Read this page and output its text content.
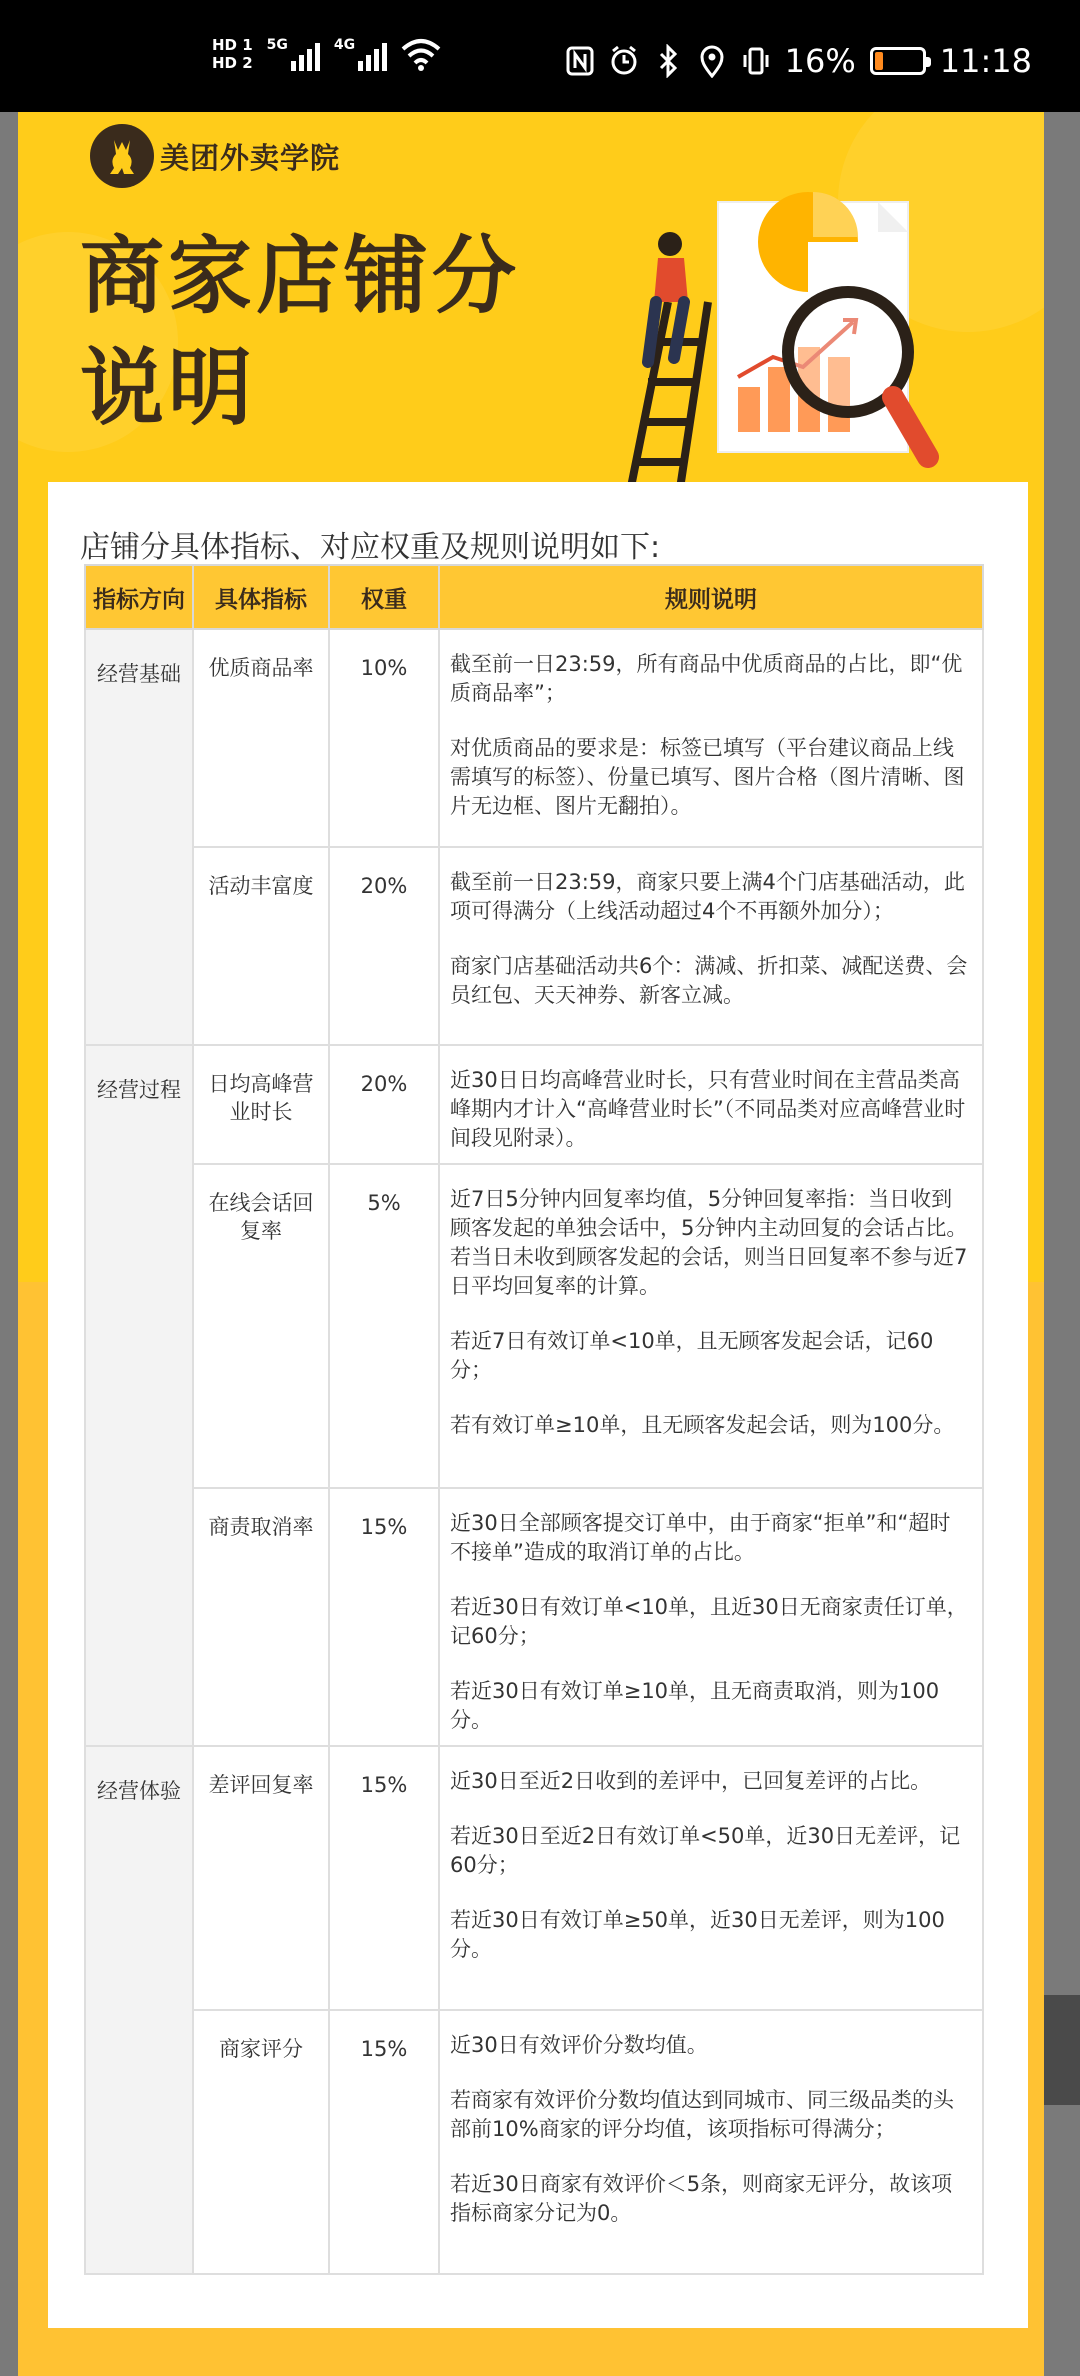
HD 1
HD 2
5G	4G	16%	11:18
美团外卖学院
商家店铺分说明
店铺分具体指标、对应权重及规则说明如下:
指标方向	具体指标	权重	规则说明
经营基础	优质商品率	10%	截至前一日23:59，所有商品中优质商品的占比，即“优质商品率”；

对优质商品的要求是：标签已填写（平台建议商品上线需填写的标签）、份量已填写、图片合格（图片清晰、图片无边框、图片无翻拍）。

	活动丰富度	20%	截至前一日23:59，商家只要上满4个门店基础活动，此项可得满分（上线活动超过4个不再额外加分）；

商家门店基础活动共6个：满减、折扣菜、减配送费、会员红包、天天神券、新客立减。

经营过程	日均高峰营业时长	20%	近30日日均高峰营业时长，只有营业时间在主营品类高峰期内才计入“高峰营业时长”（不同品类对应高峰营业时间段见附录）。

	在线会话回复率	5%	近7日5分钟内回复率均值，5分钟回复率指：当日收到顾客发起的单独会话中，5分钟内主动回复的会话占比。若当日未收到顾客发起的会话，则当日回复率不参与近7日平均回复率的计算。

若近7日有效订单<10单，且无顾客发起会话，记60分；

若有效订单≥10单，且无顾客发起会话，则为100分。

	商责取消率	15%	近30日全部顾客提交订单中，由于商家“拒单”和“超时不接单”造成的取消订单的占比。

若近30日有效订单<10单，且近30日无商家责任订单，记60分；

若近30日有效订单≥10单，且无商责取消，则为100分。

经营体验	差评回复率	15%	近30日至近2日收到的差评中，已回复差评的占比。

若近30日至近2日有效订单<50单，近30日无差评，记60分；

若近30日有效订单≥50单，近30日无差评，则为100分。

	商家评分	15%	近30日有效评价分数均值。

若商家有效评价分数均值达到同城市、同三级品类的头部前10%商家的评分均值，该项指标可得满分；

若近30日商家有效评价＜5条，则商家无评分，故该项指标商家分记为0。
